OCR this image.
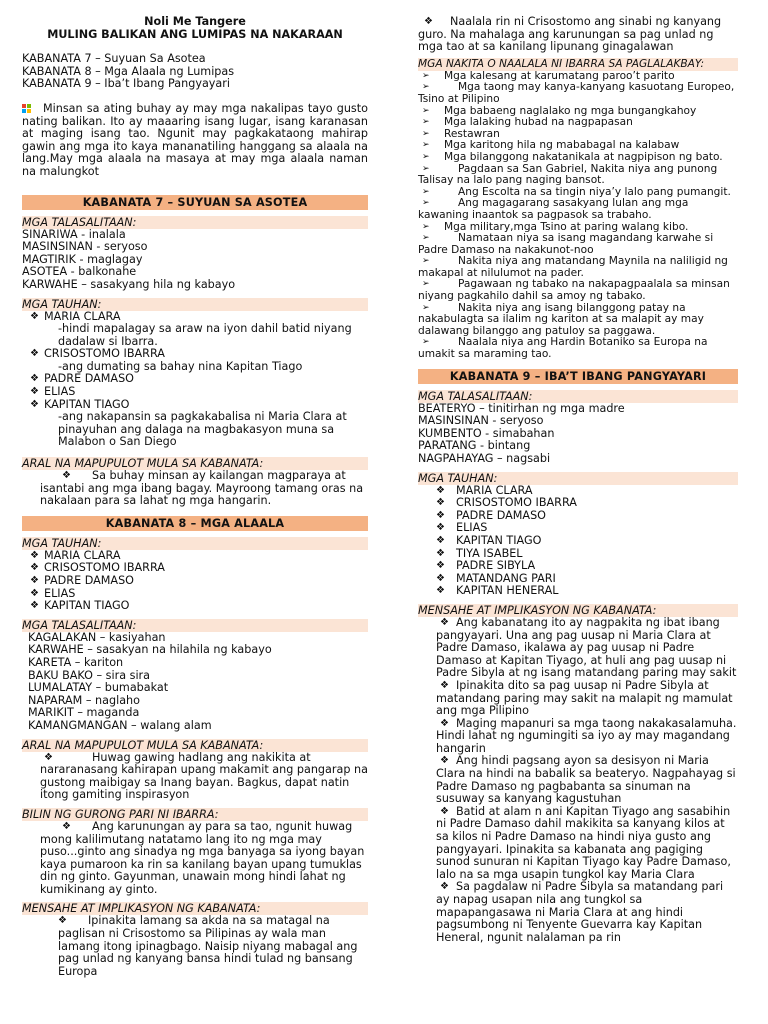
Noli Me Tangere
MULING BALIKAN ANG LUMIPAS NA NAKARAAN
KABANATA 7 – Suyuan Sa Asotea
KABANATA 8 – Mga Alaala ng Lumipas
KABANATA 9 – Iba’t Ibang Pangyayari
Minsan sa ating buhay ay may mga nakalipas tayo gusto nating balikan. Ito ay maaaring isang lugar, isang karanasan at maging isang tao. Ngunit may pagkakataong mahirap gawin ang mga ito kaya mananatiling hanggang sa alaala na lang.May mga alaala na masaya at may mga alaala naman na malungkot
KABANATA 7 – SUYUAN SA ASOTEA
MGA TALASALITAAN:
SINARIWA - inalala
MASINSINAN - seryoso
MAGTIRIK - maglagay
ASOTEA - balkonahe
KARWAHE – sasakyang hila ng kabayo
MGA TAUHAN:
❖ MARIA CLARA
-hindi mapalagay sa araw na iyon dahil batid niyang dadalaw si Ibarra.
❖ CRISOSTOMO IBARRA
-ang dumating sa bahay nina Kapitan Tiago
❖ PADRE DAMASO
❖ ELIAS
❖ KAPITAN TIAGO
-ang nakapansin sa pagkakabalisa ni Maria Clara at pinayuhan ang dalaga na magbakasyon muna sa Malabon o San Diego
ARAL NA MAPUPULOT MULA SA KABANATA:
❖ Sa buhay minsan ay kailangan magparaya at isantabi ang mga ibang bagay. Mayroong tamang oras na nakalaan para sa lahat ng mga hangarin.
KABANATA 8 – MGA ALAALA
MGA TAUHAN:
❖ MARIA CLARA
❖ CRISOSTOMO IBARRA
❖ PADRE DAMASO
❖ ELIAS
❖ KAPITAN TIAGO
MGA TALASALITAAN:
KAGALAKAN – kasiyahan
KARWAHE – sasakyan na hilahila ng kabayo
KARETA – kariton
BAKU BAKO – sira sira
LUMALATAY – bumabakat
NAPARAM – naglaho
MARIKIT – maganda
KAMANGMANGAN – walang alam
ARAL NA MAPUPULOT MULA SA KABANATA:
❖	Huwag gawing hadlang ang nakikita at nararanasang kahirapan upang makamit ang pangarap na gustong maibigay sa Inang bayan. Bagkus, dapat natin itong gamiting inspirasyon
BILIN NG GURONG PARI NI IBARRA:
❖ Ang karunungan ay para sa tao, ngunit huwag mong kalilimutang natatamo lang ito ng mga may puso...ginto ang sinadya ng mga banyaga sa iyong bayan kaya pumaroon ka rin sa kanilang bayan upang tumuklas din ng ginto. Gayunman, unawain mong hindi lahat ng kumikinang ay ginto.
MENSAHE AT IMPLIKASYON NG KABANATA:
❖ Ipinakita lamang sa akda na sa matagal na paglisan ni Crisostomo sa Pilipinas ay wala man lamang itong ipinagbago. Naisip niyang mabagal ang pag unlad ng kanyang bansa hindi tulad ng bansang Europa
❖ Naalala rin ni Crisostomo ang sinabi ng kanyang guro. Na mahalaga ang karunungan sa pag unlad ng mga tao at sa kanilang lipunang ginagalawan
MGA NAKITA O NAALALA NI IBARRA SA PAGLALAKBAY:
➢ Mga kalesang at karumatang paroo’t parito
➢	Mga taong may kanya-kanyang kasuotang Europeo, Tsino at Pilipino
➢ Mga babaeng naglalako ng mga bungangkahoy
➢ Mga lalaking hubad na nagpapasan
➢ Restawran
➢ Mga karitong hila ng mababagal na kalabaw
➢ Mga bilanggong nakatanikala at nagpipison ng bato.
➢	Pagdaan sa San Gabriel, Nakita niya ang punong Talisay na lalo pang naging bansot.
➢	Ang Escolta na sa tingin niya’y lalo pang pumangit.
➢	Ang magagarang sasakyang lulan ang mga kawaning inaantok sa pagpasok sa trabaho.
➢ Mga military,mga Tsino at paring walang kibo.
➢	Namataan niya sa isang magandang karwahe si Padre Damaso na nakakunot-noo
➢	Nakita niya ang matandang Maynila na naliligid ng makapal at nilulumot na pader.
➢	Pagawaan ng tabako na nakapagpaalala sa minsan niyang pagkahilo dahil sa amoy ng tabako.
➢	Nakita niya ang isang bilanggong patay na nakabulagta sa ilalim ng kariton at sa malapit ay may dalawang bilanggo ang patuloy sa paggawa.
➢	Naalala niya ang Hardin Botaniko sa Europa na umakit sa maraming tao.
KABANATA 9 – IBA’T IBANG PANGYAYARI
MGA TALASALITAAN:
BEATERYO – tinitirhan ng mga madre
MASINSINAN - seryoso
KUMBENTO - simabahan
PARATANG - bintang
NAGPAHAYAG – nagsabi
MGA TAUHAN:
❖ MARIA CLARA
❖ CRISOSTOMO IBARRA
❖ PADRE DAMASO
❖ ELIAS
❖ KAPITAN TIAGO
❖ TIYA ISABEL
❖ PADRE SIBYLA
❖ MATANDANG PARI
❖ KAPITAN HENERAL
MENSAHE AT IMPLIKASYON NG KABANATA:
❖ Ang kabanatang ito ay nagpakita ng ibat ibang pangyayari. Una ang pag uusap ni Maria Clara at Padre Damaso, ikalawa ay pag uusap ni Padre Damaso at Kapitan Tiyago, at huli ang pag uusap ni Padre Sibyla at ng isang matandang paring may sakit
❖ Ipinakita dito sa pag uusap ni Padre Sibyla at matandang paring may sakit na malapit ng mamulat ang mga Pilipino
❖ Maging mapanuri sa mga taong nakakasalamuha. Hindi lahat ng ngumingiti sa iyo ay may magandang hangarin
❖ Ang hindi pagsang ayon sa desisyon ni Maria Clara na hindi na babalik sa beateryo. Nagpahayag si Padre Damaso ng pagbabanta sa sinuman na susuway sa kanyang kagustuhan
❖ Batid at alam n ani Kapitan Tiyago ang sasabihin ni Padre Damaso dahil makikita sa kanyang kilos at sa kilos ni Padre Damaso na hindi niya gusto ang pangyayari. Ipinakita sa kabanata ang pagiging sunod sunuran ni Kapitan Tiyago kay Padre Damaso, lalo na sa mga usapin tungkol kay Maria Clara
❖ Sa pagdalaw ni Padre Sibyla sa matandang pari ay napag usapan nila ang tungkol sa mapapangasawa ni Maria Clara at ang hindi pagsumbong ni Tenyente Guevarra kay Kapitan Heneral, ngunit nalalaman pa rin
